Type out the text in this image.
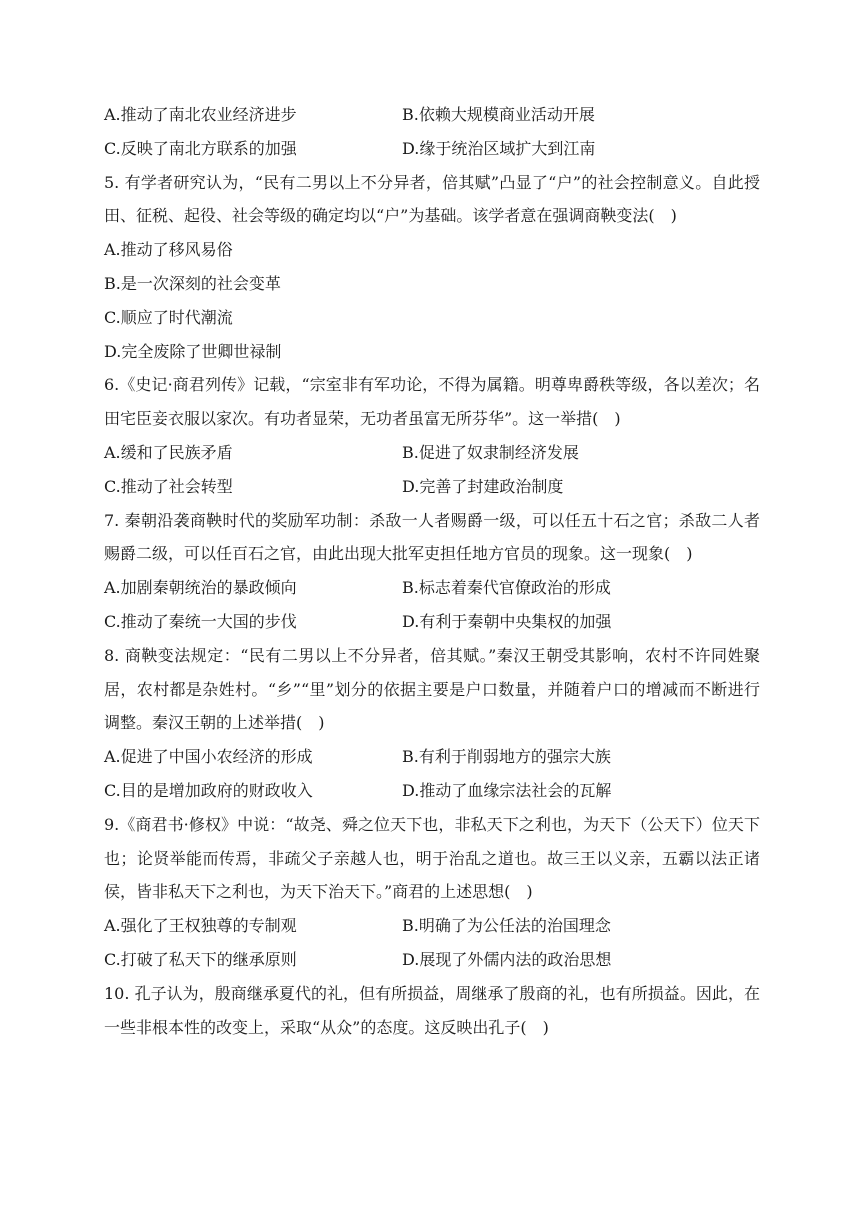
A.推动了南北农业经济进步	B.依赖大规模商业活动开展
C.反映了南北方联系的加强	D.缘于统治区域扩大到江南
5. 有学者研究认为，“民有二男以上不分异者，倍其赋”凸显了“户”的社会控制意义。自此授田、征税、起役、社会等级的确定均以“户”为基础。该学者意在强调商鞅变法(　)
A.推动了移风易俗
B.是一次深刻的社会变革
C.顺应了时代潮流
D.完全废除了世卿世禄制
6.《史记·商君列传》记载，“宗室非有军功论，不得为属籍。明尊卑爵秩等级，各以差次；名田宅臣妾衣服以家次。有功者显荣，无功者虽富无所芬华”。这一举措(　)
A.缓和了民族矛盾	B.促进了奴隶制经济发展
C.推动了社会转型	D.完善了封建政治制度
7. 秦朝沿袭商鞅时代的奖励军功制：杀敌一人者赐爵一级，可以任五十石之官；杀敌二人者赐爵二级，可以任百石之官，由此出现大批军吏担任地方官员的现象。这一现象(　)
A.加剧秦朝统治的暴政倾向	B.标志着秦代官僚政治的形成
C.推动了秦统一大国的步伐	D.有利于秦朝中央集权的加强
8. 商鞅变法规定：“民有二男以上不分异者，倍其赋。”秦汉王朝受其影响，农村不许同姓聚居，农村都是杂姓村。“乡”“里”划分的依据主要是户口数量，并随着户口的增减而不断进行调整。秦汉王朝的上述举措(　)
A.促进了中国小农经济的形成	B.有利于削弱地方的强宗大族
C.目的是增加政府的财政收入	D.推动了血缘宗法社会的瓦解
9.《商君书·修权》中说：“故尧、舜之位天下也，非私天下之利也，为天下（公天下）位天下也；论贤举能而传焉，非疏父子亲越人也，明于治乱之道也。故三王以义亲，五霸以法正诸侯，皆非私天下之利也，为天下治天下。”商君的上述思想(　)
A.强化了王权独尊的专制观	B.明确了为公任法的治国理念
C.打破了私天下的继承原则	D.展现了外儒内法的政治思想
10. 孔子认为，殷商继承夏代的礼，但有所损益，周继承了殷商的礼，也有所损益。因此，在一些非根本性的改变上，采取“从众”的态度。这反映出孔子(　)
